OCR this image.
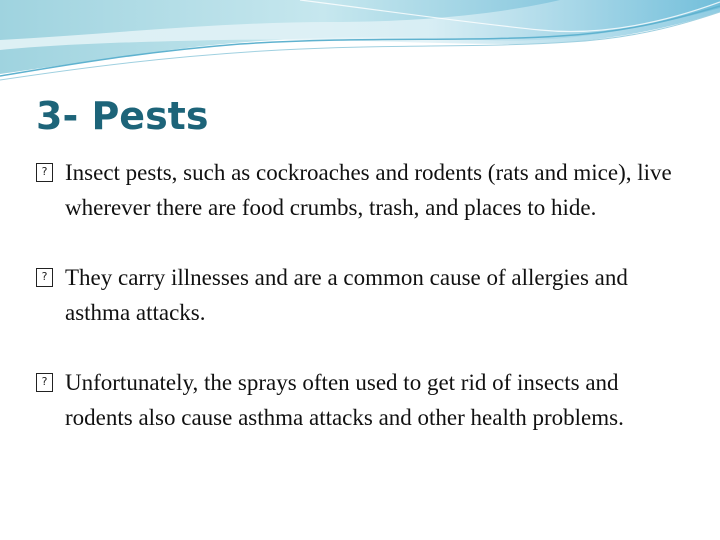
3- Pests
? Insect pests, such as cockroaches and rodents (rats and mice), live wherever there are food crumbs, trash, and places to hide.
? They carry illnesses and are a common cause of allergies and asthma attacks.
? Unfortunately, the sprays often used to get rid of insects and rodents also cause asthma attacks and other health problems.
